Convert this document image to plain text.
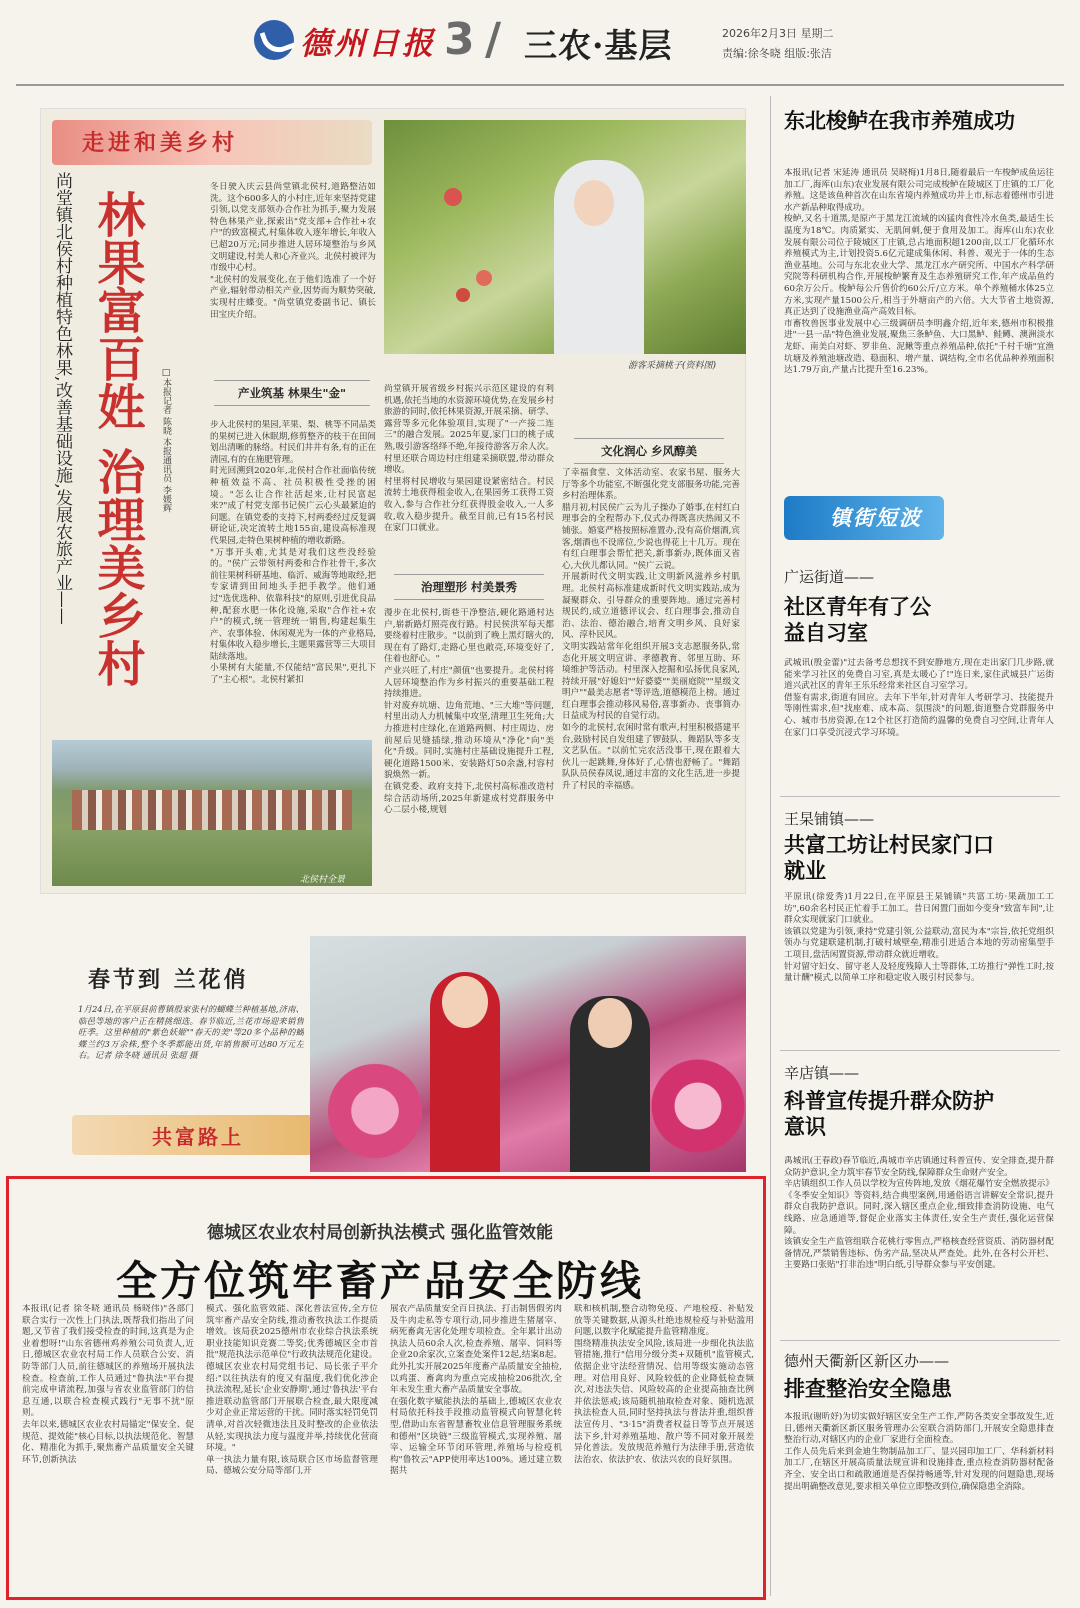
德州日报 3 / 三农·基层	2026年2月3日 星期二
责编:徐冬晓 组版:张洁
走进和美乡村
尚堂镇北侯村种植特色林果,改善基础设施,发展农旅产业—— 林果富百姓 治理美乡村	□本报记者 陈晓 本报通讯员 李媛辉
游客采摘桃子(资料图)
冬日驶入庆云县尚堂镇北侯村,道路整洁如洗。这个600多人的小村庄,近年来坚持党建引领,以党支部领办合作社为抓手,聚力发展特色林果产业,探索出"党支部+合作社+农户"的致富模式,村集体收入逐年增长,年收入已超20万元;同步推进人居环境整治与乡风文明建设,村美人和心齐业兴。北侯村被评为市级中心村。
"北侯村的发展变化,在于他们选准了一个好产业,辐射带动相关产业,因势而为顺势突破,实现村庄蝶变。"尚堂镇党委副书记、镇长田宝庆介绍。
产业筑基 林果生"金"
步入北侯村的果园,苹果、梨、桃等不同品类的果树已进入休眠期,修剪整齐的枝干在田间划出清晰的脉络。村民们井井有条,有的正在清园,有的在施肥管理。
时光回溯到2020年,北侯村合作社面临传统种植效益不高、社员积极性受挫的困境。"怎么让合作社活起来,让村民富起来?"成了村党支部书记侯广云心头最紧迫的问题。在镇党委的支持下,村两委经过反复调研论证,决定流转土地155亩,建设高标准现代果园,走特色果树种植的增收新路。
"万事开头难,尤其是对我们这些没经验的。"侯广云带领村两委和合作社骨干,多次前往果树科研基地、临沂、威海等地取经,把专家请到田间地头手把手教学。他们通过"选优选种、依靠科技"的原则,引进优良品种,配套水肥一体化设施,采取"合作社+农户"的模式,统一管理统一销售,构建起集生产、农事体验、休闲观光为一体的产业格局,村集体收入稳步增长,主题果露营等三大项目陆续落地。
小果树有大能量,不仅能结"富民果",更扎下了"主心根"。北侯村紧扣
尚堂镇开展省级乡村振兴示范区建设的有利机遇,依托当地的水资源环境优势,在发展乡村旅游的同时,依托林果资源,开展采摘、研学、露营等多元化体验项目,实现了"一产接二连三"的融合发展。2025年夏,家门口的桃子成熟,吸引游客络绎不绝,年接待游客万余人次。村里还联合周边村庄组建采摘联盟,带动群众增收。
村里将村民增收与果园建设紧密结合。村民流转土地获得租金收入,在果园务工获得工资收入,参与合作社分红获得股金收入,一人多收,收入稳步提升。截至目前,已有15名村民在家门口就业。
治理塑形 村美景秀
漫步在北侯村,街巷干净整洁,硬化路通村达户,崭新路灯照亮夜行路。村民侯洪军每天都要绕着村庄散步。"以前到了晚上黑灯瞎火的,现在有了路灯,走路心里也敞亮,环境变好了,住着也舒心。"
产业兴旺了,村庄"颜值"也要提升。北侯村将人居环境整治作为乡村振兴的重要基础工程持续推进。
针对废弃坑塘、边角荒地、"三大堆"等问题,村里出动人力机械集中攻坚,清理卫生死角;大力推进村庄绿化,在道路两侧、村庄周边、房前屋后见缝插绿,推动环境从"净化"向"美化"升级。同时,实施村庄基础设施提升工程,硬化道路1500米、安装路灯50余盏,村容村貌焕然一新。
在镇党委、政府支持下,北侯村高标准改造村综合活动场所,2025年新建成村党群服务中心二层小楼,规划
文化润心 乡风醇美
了幸福食堂、文体活动室、农家书屋、服务大厅等多个功能室,不断强化党支部服务功能,完善乡村治理体系。
腊月初,村民侯广云为儿子操办了婚事,在村红白理事会的全程帮办下,仪式办得既喜庆热闹又不铺张。婚宴严格按照标准置办,没有高价烟酒,宾客,烟酒也不设席位,少说也得花上十几万。现在有红白理事会帮忙把关,新事新办,既体面又省心,大伙儿都认同。"侯广云说。
开展新时代文明实践,让文明新风滋养乡村肌理。北侯村高标准建成新时代文明实践站,成为凝聚群众、引导群众的重要阵地。通过完善村规民约,成立道德评议会、红白理事会,推动自治、法治、德治融合,培育文明乡风、良好家风、淳朴民风。
文明实践站常年化组织开展3支志愿服务队,常态化开展文明宣讲、孝德教育、邻里互助、环境维护等活动。村里深入挖掘和弘扬优良家风,持续开展"好媳妇""好婆婆""美丽庭院""星级文明户""最美志愿者"等评选,道德模范上榜。通过红白理事会推动移风易俗,喜事新办、丧事简办日益成为村民的自觉行动。
如今的北侯村,农闲时常有歌声,村里积极搭建平台,鼓励村民自发组建了锣鼓队、舞蹈队等多支文艺队伍。"以前忙完农活没事干,现在跟着大伙儿一起跳舞,身体好了,心情也舒畅了。"舞蹈队队员侯春凤说,通过丰富的文化生活,进一步提升了村民的幸福感。
北侯村全景
春节到 兰花俏
1月24日,在平原县前曹镇殷家张村的蝴蝶兰种植基地,济南、临邑等地的客户正在精挑细选。春节临近,兰花市场迎来销售旺季。这里种植的"紫色妖姬""春天的美"等20多个品种的蝴蝶兰约3万余株,整个冬季都能出货,年销售额可达80万元左右。记者 徐冬晓 通讯员 张超 摄
共富路上
德城区农业农村局创新执法模式 强化监管效能
全方位筑牢畜产品安全防线
本报讯(记者 徐冬晓 通讯员 杨晓伟)"各部门联合实行一次性上门执法,既帮我们指出了问题,又节省了我们接受检查的时间,这真是为企业着想呀!"山东省德州鸡养殖公司负责人,近日,德城区农业农村局工作人员联合公安、消防等部门人员,前往德城区的养殖场开展执法检查。检查前,工作人员通过"鲁执法"平台提前完成申请流程,加强与省农业监管部门的信息互通,以联合检查模式践行"无事不扰"原则。
去年以来,德城区农业农村局锚定"保安全、促规范、提效能"核心目标,以执法规范化、智慧化、精准化为抓手,聚焦畜产品质量安全关键环节,创新执法
模式、强化监管效能、深化普法宣传,全方位筑牢畜产品安全防线,推动畜牧执法工作提质增效。该局获2025德州市农业综合执法系统职业技能知识竞赛二等奖;优秀德城区全市首批"规范执法示范单位"行政执法规范化建设。
德城区农业农村局党组书记、局长张子平介绍:"以往执法有的度又有温度,我们优化涉企执法流程,延长'企业安静期',通过'鲁执法'平台推进联动监管部门开展联合检查,最大限度减少对企业正常运营的干扰。同时落实轻罚免罚清单,对首次轻微违法且及时整改的企业依法从轻,实现执法力度与温度并举,持续优化营商环境。"
单一执法力量有限,该局联合区市场监督管理局、德城公安分局等部门,开
展农产品质量安全百日执法、打击制售假劣肉及牛肉走私等专项行动,同步推进生猪屠宰、病死畜禽无害化处理专项检查。全年累计出动执法人员60余人次,检查养殖、屠宰、饲料等企业20余家次,立案查处案件12起,结案8起。此外扎实开展2025年度畜产品质量安全抽检,以鸡蛋、畜禽肉为重点完成抽检206批次,全年未发生重大畜产品质量安全事故。
在强化数字赋能执法的基础上,德城区农业农村局依托科技手段推动监管模式向智慧化转型,借助山东省智慧畜牧业信息管理服务系统和德州"区块链"三级监管模式,实现养殖、屠宰、运输全环节闭环管理,养殖场与检疫机构"鲁牧云"APP使用率达100%。通过建立数据共
联和核机制,整合动物免疫、产地检疫、补贴发放等关键数据,从源头杜绝违规检疫与补贴滥用问题,以数字化赋能提升监管精准度。
围绕精准执法安全风险,该局进一步细化执法监管措施,推行"信用分级分类+双随机"监管模式,依据企业守法经营情况、信用等级实施动态管理。对信用良好、风险较低的企业降低检查频次,对违法失信、风险较高的企业提高抽查比例并依法惩戒;该局随机抽取检查对象、随机选派执法检查人员,同时坚持执法与普法并重,组织普法宣传月、"3·15"消费者权益日等节点开展送法下乡,针对养殖基地、散户等不同对象开展差异化普法。发放规范养殖行为法律手册,营造依法治农、依法护农、依法兴农的良好氛围。
东北梭鲈在我市养殖成功
本报讯(记者 宋延涛 通讯员 吴晓梅)1月8日,随着最后一车梭鲈成鱼运往加工厂,海库(山东)农业发展有限公司完成梭鲈在陵城区丁庄镇的工厂化养殖。这是该鱼种首次在山东省境内养殖成功并上市,标志着德州市引进水产新品种取得成功。
梭鲈,又名十道黑,是原产于黑龙江流域的凶猛肉食性冷水鱼类,最适生长温度为18℃。肉质紧实、无肌间刺,便于食用及加工。海库(山东)农业发展有限公司位于陵城区丁庄镇,总占地面积超1200亩,以工厂化循环水养殖模式为主,计划投资5.6亿元建成集休闲、科普、观光于一体的生态渔业基地。公司与东北农业大学、黑龙江水产研究所、中国水产科学研究院等科研机构合作,开展梭鲈繁育及生态养殖研究工作,年产成品鱼约60余万公斤。梭鲈每公斤售价约60公斤/立方米。单个养殖桶水体25立方米,实现产量1500公斤,相当于外塘亩产的六倍。大大节省土地资源,真正达到了设施渔业高产高效目标。
市畜牧兽医事业发展中心三级调研员李明鑫介绍,近年来,德州市积极推进"一县一品"特色渔业发展,聚焦三条鲈鱼、大口黑鲈、鲑鳟、澳洲淡水龙虾、南美白对虾、罗非鱼、泥鳅等重点养殖品种,依托"千村千塘"宜渔坑塘及养殖池塘改造、稳面积、增产量、调结构,全市名优品种养殖面积达1.79万亩,产量占比提升至16.23%。
镇街短波
广运街道——
社区青年有了公益自习室
武城讯(殷金蕾)"过去备考总想找不到安静地方,现在走出家门几步路,就能来学习社区的免费自习室,真是太暖心了!"连日来,家住武城县广运街道兴武社区的青年王乐乐经常来社区自习室学习。
借鉴有需求,街道有回应。去年下半年,针对青年人考研学习、技能提升等刚性需求,但"找座难、成本高、氛围淡"的问题,街道整合党群服务中心、城市书房资源,在12个社区打造简约温馨的免费自习空间,让青年人在家门口享受沉浸式学习环境。
王杲铺镇——
共富工坊让村民家门口就业
平原讯(徐爱秀)1月22日,在平原县王杲铺镇"共富工坊·果蔬加工工坊",60余名村民正忙着手工加工。昔日闲置门面如今变身"致富车间",让群众实现就家门口就业。
该镇以党建为引领,秉持"党建引领,公益联动,富民为本"宗旨,依托党组织领办与党建联建机制,打破村域壁垒,精准引进适合本地的劳动密集型手工项目,盘活闲置资源,带动群众就近增收。
针对留守妇女、留守老人及轻度残障人士等群体,工坊推行"弹性工时,按量计酬"模式,以简单工序和稳定收入吸引村民参与。
辛店镇——
科普宣传提升群众防护意识
禹城讯(王春政)春节临近,禹城市辛店镇通过科普宣传、安全排查,提升群众防护意识,全力筑牢春节安全防线,保障群众生命财产安全。
辛店镇组织工作人员以学校为宣传阵地,发放《烟花爆竹安全燃放提示》《冬季安全知识》等资料,结合典型案例,用通俗语言讲解安全常识,提升群众自我防护意识。同时,深入辖区重点企业,细致排查消防设施、电气线路、应急通道等,督促企业落实主体责任,安全生产责任,强化运营保障。
该镇安全生产监管组联合花桃行零售点,严格核查经营资质、消防器材配备情况,严禁销售违标、伪劣产品,坚决从严查处。此外,在各村公开栏、主要路口张贴"打非治违"明白纸,引导群众参与平安创建。
德州天衢新区新区办——
排查整治安全隐患
本报讯(谢昕妤)为切实做好辖区安全生产工作,严防各类安全事故发生,近日,德州天衢新区新区服务管理办公室联合消防部门,开展安全隐患排查整治行动,对辖区内的企业厂家进行全面检查。
工作人员先后来到金迪生物制品加工厂、显兴园印加工厂、华科新材料加工厂,在辖区开展高质量法规宣讲和设施排查,重点检查消防器材配备齐全、安全出口和疏散通道是否保持畅通等,针对发现的问题隐患,现场提出明确整改意见,要求相关单位立即整改到位,确保隐患全消除。
